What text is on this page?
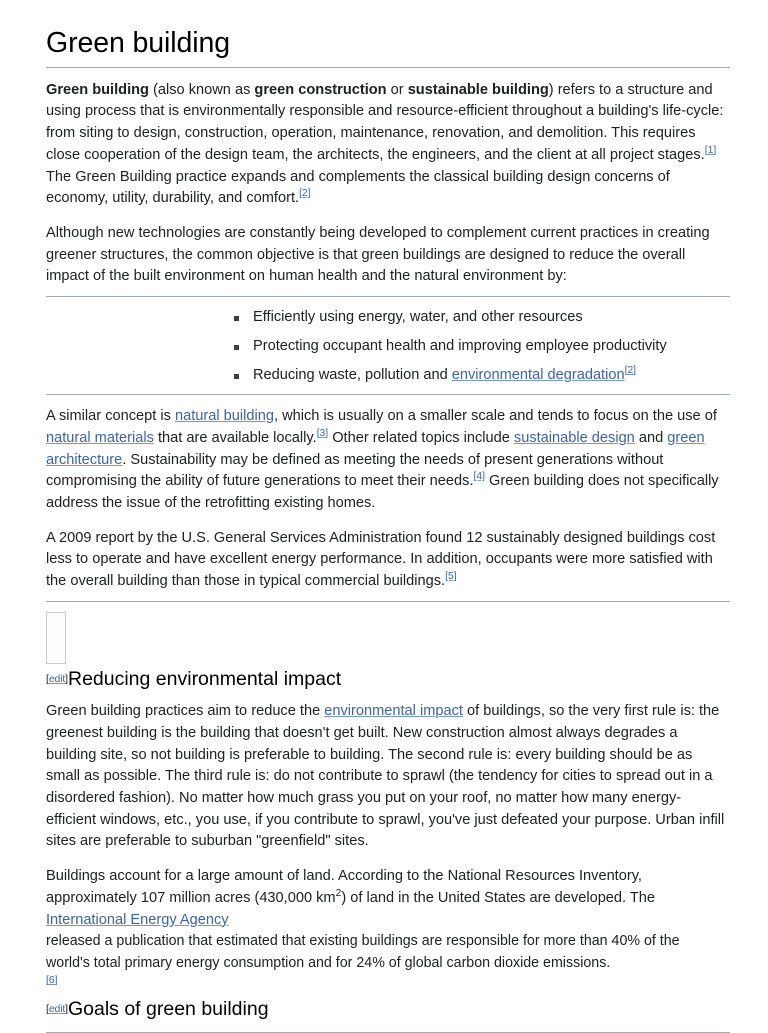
Green building

Green building (also known as green construction or sustainable building) refers to a structure and using process that is environmentally responsible and resource-efficient throughout a building's life-cycle: from siting to design, construction, operation, maintenance, renovation, and demolition. This requires close cooperation of the design team, the architects, the engineers, and the client at all project stages.[1] The Green Building practice expands and complements the classical building design concerns of economy, utility, durability, and comfort.[2]

Although new technologies are constantly being developed to complement current practices in creating greener structures, the common objective is that green buildings are designed to reduce the overall impact of the built environment on human health and the natural environment by:

Efficiently using energy, water, and other resources
Protecting occupant health and improving employee productivity
Reducing waste, pollution and environmental degradation[2]

A similar concept is natural building, which is usually on a smaller scale and tends to focus on the use of natural materials that are available locally.[3] Other related topics include sustainable design and green architecture. Sustainability may be defined as meeting the needs of present generations without compromising the ability of future generations to meet their needs.[4] Green building does not specifically address the issue of the retrofitting existing homes.

A 2009 report by the U.S. General Services Administration found 12 sustainably designed buildings cost less to operate and have excellent energy performance. In addition, occupants were more satisfied with the overall building than those in typical commercial buildings.[5]

[edit]Reducing environmental impact

Green building practices aim to reduce the environmental impact of buildings, so the very first rule is: the greenest building is the building that doesn't get built. New construction almost always degrades a building site, so not building is preferable to building. The second rule is: every building should be as small as possible. The third rule is: do not contribute to sprawl (the tendency for cities to spread out in a disordered fashion). No matter how much grass you put on your roof, no matter how many energy-efficient windows, etc., you use, if you contribute to sprawl, you've just defeated your purpose. Urban infill sites are preferable to suburban "greenfield" sites.

Buildings account for a large amount of land. According to the National Resources Inventory, approximately 107 million acres (430,000 $km^2$) of land in the United States are developed. The International Energy Agencyreleased a publication that estimated that existing buildings are responsible for more than 40% of the world's total primary energy consumption and for 24% of global carbon dioxide emissions.[6]

[edit]Goals of green building
